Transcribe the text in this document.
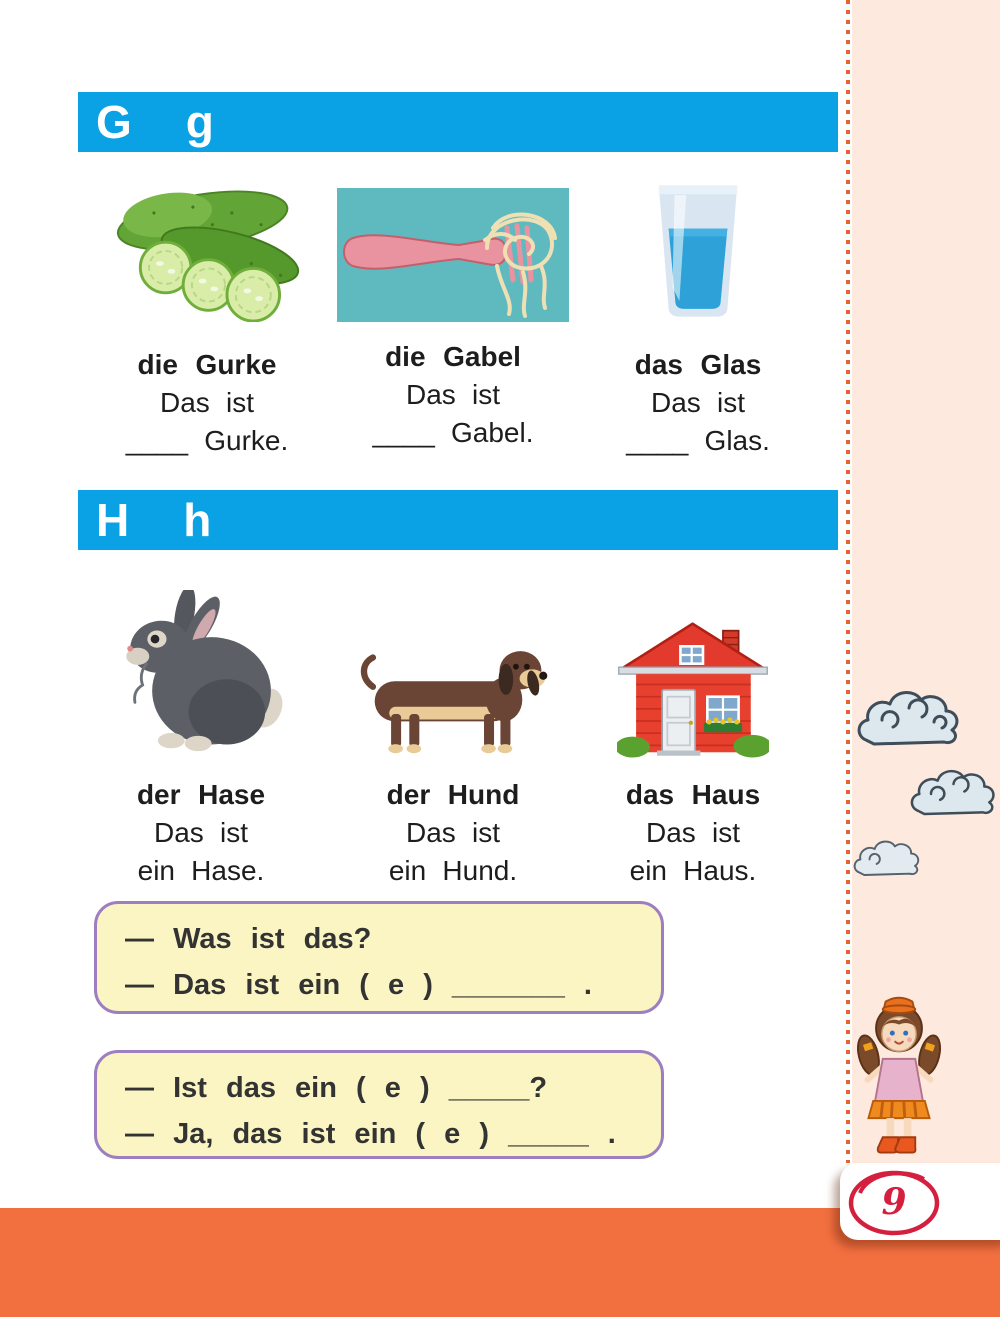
9
G g
die Gurke
Das ist
____ Gurke.
die Gabel
Das ist
____ Gabel.
das Glas
Das ist
____ Glas.
H h
der Hase
Das ist
ein Hase.
der Hund
Das ist
ein Hund.
das Haus
Das ist
ein Haus.
— Was ist das?
— Das ist ein ( e ) _______ .
— Ist das ein ( e ) _____?
— Ja, das ist ein ( e ) _____ .
